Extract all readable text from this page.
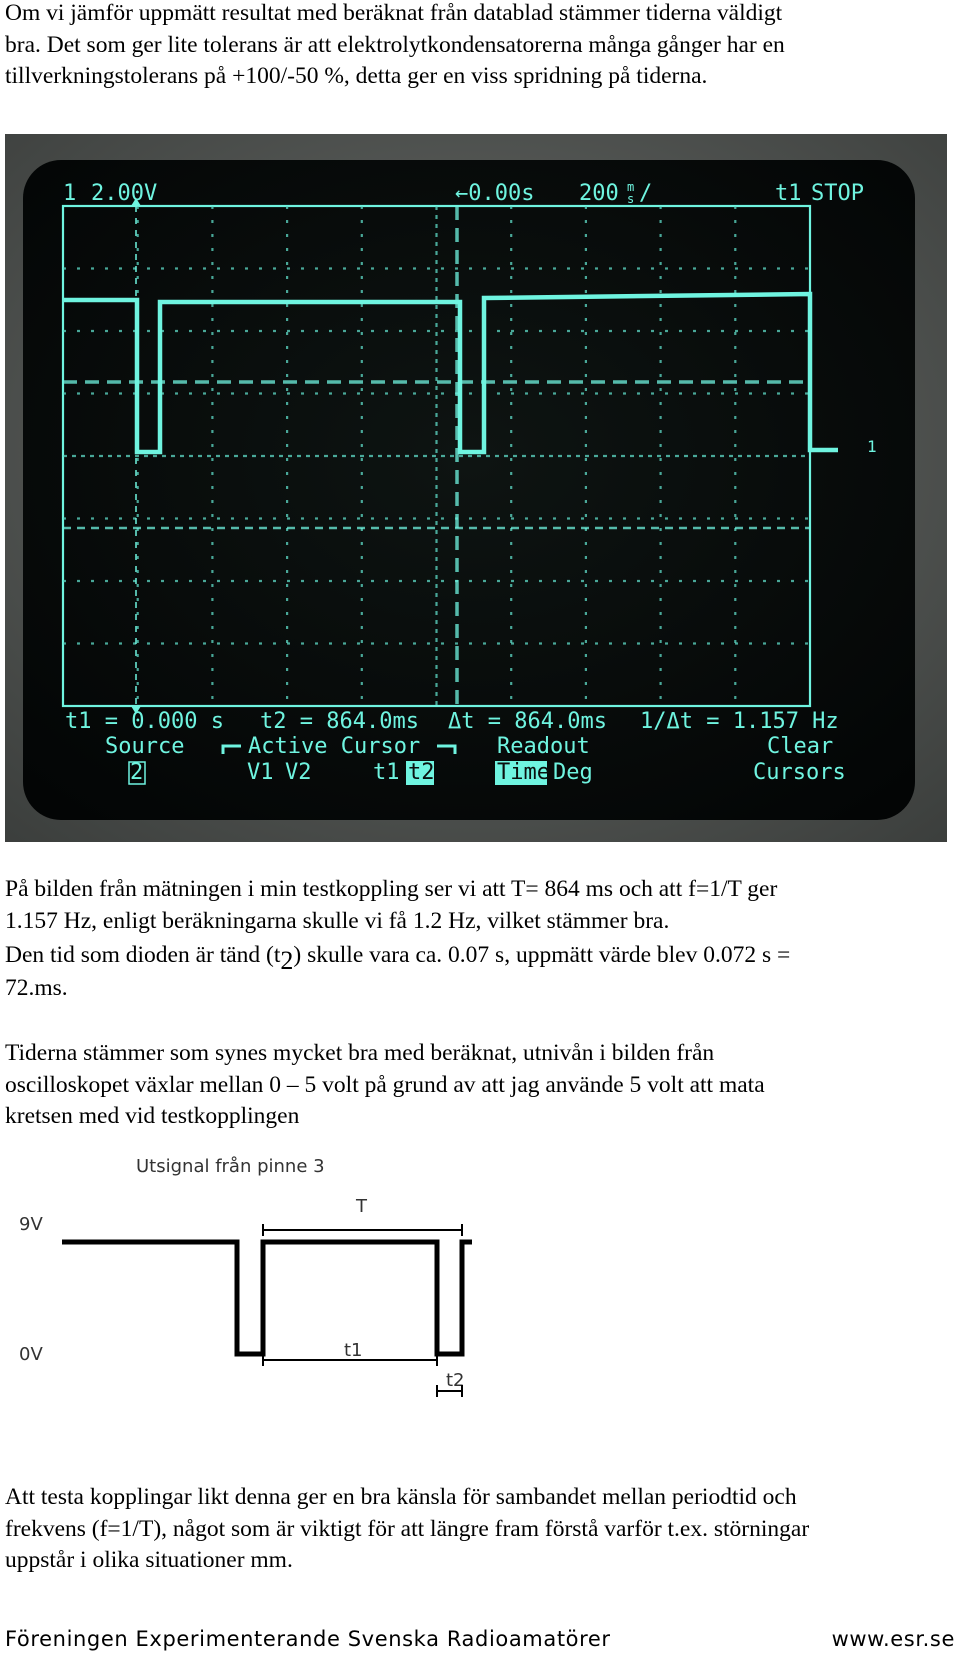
Om vi jämför uppmätt resultat med beräknat från datablad stämmer tiderna väldigt
bra. Det som ger lite tolerans är att elektrolytkondensatorerna många gånger har en
tillverkningstolerans på +100/-50 %, detta ger en viss spridning på tiderna.
1 2.00V	←0.00s 200 m
s /	t1 STOP
1
t1 = 0.000 s t2 = 864.0ms Δt = 864.0ms 1/Δt = 1.157 Hz
Source
2
Active Cursor
V1 V2	t1 t2
Readout
Time Deg
Clear
Cursors
På bilden från mätningen i min testkoppling ser vi att T= 864 ms och att f=1/T ger
1.157 Hz, enligt beräkningarna skulle vi få 1.2 Hz, vilket stämmer bra.
Den tid som dioden är tänd $(t_2)$ skulle vara ca. 0.07 s, uppmätt värde blev 0.072 s =
72.ms.
Tiderna stämmer som synes mycket bra med beräknat, utnivån i bilden från
oscilloskopet växlar mellan 0 – 5 volt på grund av att jag använde 5 volt att mata
kretsen med vid testkopplingen
Utsignal från pinne 3
9V
0V
T
t1
t2
Att testa kopplingar likt denna ger en bra känsla för sambandet mellan periodtid och
frekvens (f=1/T), något som är viktigt för att längre fram förstå varför t.ex. störningar
uppstår i olika situationer mm.
Föreningen Experimenterande Svenska Radioamatörer	www.esr.se
